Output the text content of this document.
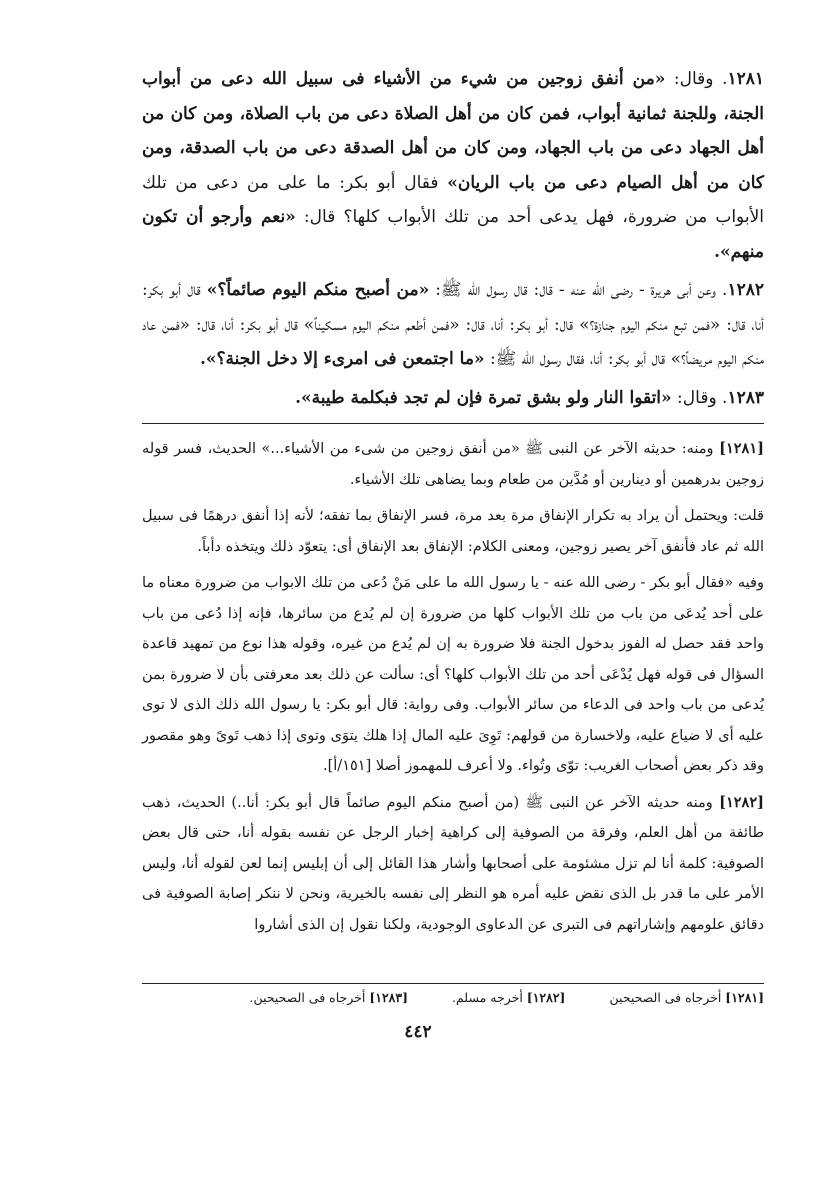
١٢٨١. وقال: «من أنفق زوجين من شيء من الأشياء فى سبيل الله دعى من أبواب الجنة، وللجنة ثمانية أبواب، فمن كان من أهل الصلاة دعى من باب الصلاة، ومن كان من أهل الجهاد دعى من باب الجهاد، ومن كان من أهل الصدقة دعى من باب الصدقة، ومن كان من أهل الصيام دعى من باب الريان» فقال أبو بكر: ما على من دعى من تلك الأبواب من ضرورة، فهل يدعى أحد من تلك الأبواب كلها؟ قال: «نعم وأرجو أن تكون منهم».

١٢٨٢. وعن أبى هريرة - رضى الله عنه - قال: قال رسول الله ﷺ: «من أصبح منكم اليوم صائماً؟» قال أبو بكر: أنا، قال: «فمن تبع منكم اليوم جنازة؟» قال: أبو بكر: أنا، قال: «فمن أطعم منكم اليوم مسكيناً» قال أبو بكر: أنا، قال: «فمن عاد منكم اليوم مريضاً؟» قال أبو بكر: أنا، فقال رسول الله ﷺ: «ما اجتمعن فى امرىء إلا دخل الجنة؟».

١٢٨٣. وقال: «اتقوا النار ولو بشق تمرة فإن لم تجد فبكلمة طيبة».

[١٢٨١] ومنه: حديثه الآخر عن النبى ﷺ «من أنفق زوجين من شىء من الأشياء...» الحديث، فسر قوله زوجين بدرهمين أو دينارين أو مُدَّين من طعام وبما يضاهى تلك الأشياء.

قلت: ويحتمل أن يراد به تكرار الإنفاق مرة بعد مرة، فسر الإنفاق بما تفقه؛ لأنه إذا أنفق درهمًا فى سبيل الله ثم عاد فأنفق آخر يصير زوجين، ومعنى الكلام: الإنفاق بعد الإنفاق أى: يتعوّد ذلك ويتخذه دأباً.

وفيه «فقال أبو بكر - رضى الله عنه - يا رسول الله ما على مَنْ دُعى من تلك الابواب من ضرورة معناه ما على أحد يُدعَى من باب من تلك الأبواب كلها من ضرورة إن لم يُدع من سائرها، فإنه إذا دُعى من باب واحد فقد حصل له الفوز بدخول الجنة فلا ضرورة به إن لم يُدع من غيره، وقوله هذا نوع من تمهيد قاعدة السؤال فى قوله فهل يُدْعَى أحد من تلك الأبواب كلها؟ أى: سألت عن ذلك بعد معرفتى بأن لا ضرورة بمن يُدعى من باب واحد فى الدعاء من سائر الأبواب. وفى رواية: قال أبو بكر: يا رسول الله ذلك الذى لا توى عليه أى لا ضياع عليه، ولاخسارة من قولهم: تَوِىَ عليه المال إذا هلك يتوَى وتوى إذا ذهب تَوىً وهو مقصور وقد ذكر بعض أصحاب الغريب: توّى وتُواء. ولا أعرف للمهموز أصلا [١٥١/أ].

[١٢٨٢] ومنه حديثه الآخر عن النبى ﷺ (من أصبح منكم اليوم صائماً قال أبو بكر: أنا..) الحديث، ذهب طائفة من أهل العلم، وفرقة من الصوفية إلى كراهية إخبار الرجل عن نفسه بقوله أنا، حتى قال بعض الصوفية: كلمة أنا لم تزل مشئومة على أصحابها وأشار هذا القائل إلى أن إبليس إنما لعن لقوله أنا، وليس الأمر على ما قدر بل الذى نقض عليه أمره هو النظر إلى نفسه بالخيرية، ونحن لا ننكر إصابة الصوفية فى دقائق علومهم وإشاراتهم فى التبرى عن الدعاوى الوجودية، ولكنا نقول إن الذى أشاروا

[١٢٨١] أخرجاه فى الصحيحين
[١٢٨٢] أخرجه مسلم.
[١٢٨٣] أخرجاه فى الصحيحين.
٤٤٢
